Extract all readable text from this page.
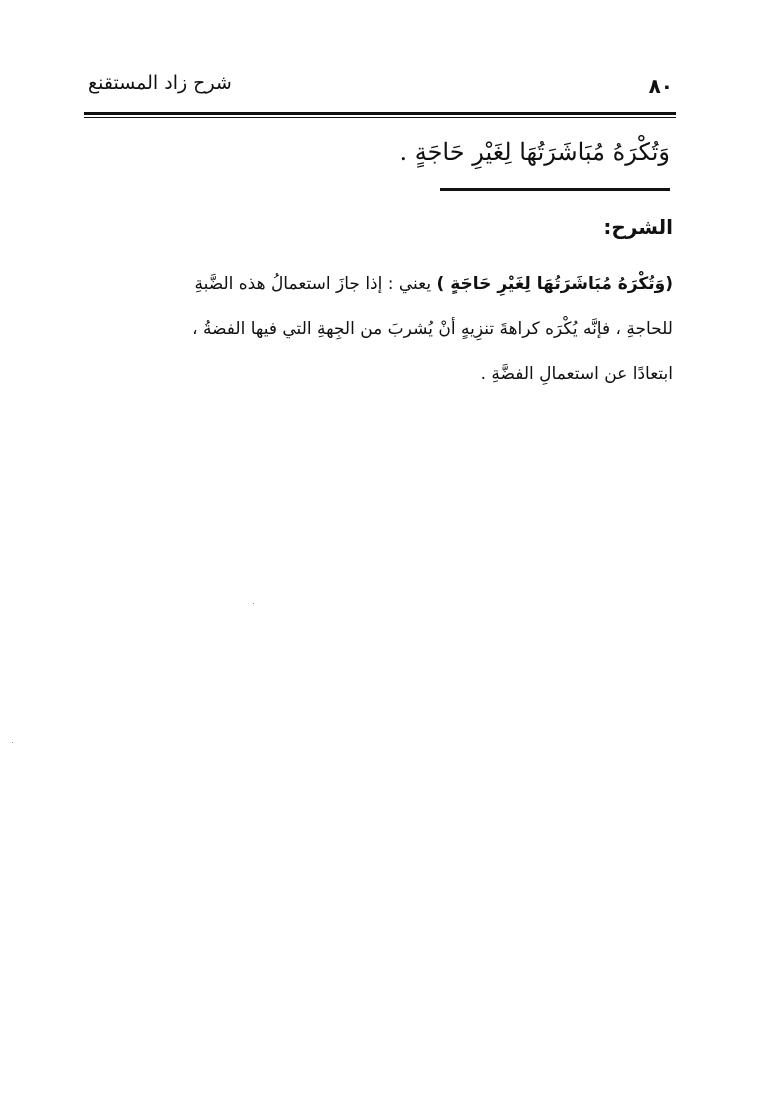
شرح زاد المستقنع	٨٠
وَتُكْرَهُ مُبَاشَرَتُهَا لِغَيْرِ حَاجَةٍ .
الشرح:
(وَتُكْرَهُ مُبَاشَرَتُهَا لِغَيْرِ حَاجَةٍ ) يعني : إذا جازَ استعمالُ هذه الضَّبةِ
للحاجةِ ، فإنَّه يُكْرَه كراهةَ تنزِيهٍ أنْ يُشربَ من الجِهةِ التي فيها الفضةُ ،
ابتعادًا عن استعمالِ الفضَّةِ .
